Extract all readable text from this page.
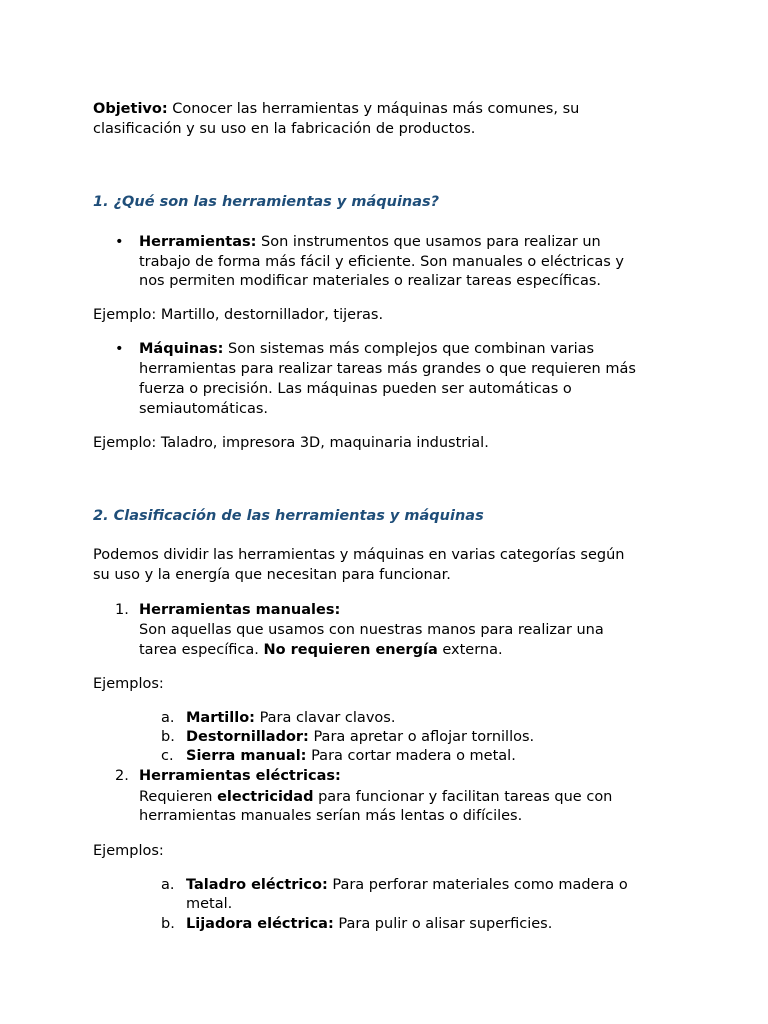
Objetivo: Conocer las herramientas y máquinas más comunes, su

clasificación y su uso en la fabricación de productos.

1. ¿Qué son las herramientas y máquinas?

• Herramientas: Son instrumentos que usamos para realizar un

trabajo de forma más fácil y eficiente. Son manuales o eléctricas y

nos permiten modificar materiales o realizar tareas específicas.

Ejemplo: Martillo, destornillador, tijeras.

• Máquinas: Son sistemas más complejos que combinan varias

herramientas para realizar tareas más grandes o que requieren más

fuerza o precisión. Las máquinas pueden ser automáticas o

semiautomáticas.

Ejemplo: Taladro, impresora 3D, maquinaria industrial.

2. Clasificación de las herramientas y máquinas

Podemos dividir las herramientas y máquinas en varias categorías según

su uso y la energía que necesitan para funcionar.

1. Herramientas manuales:

Son aquellas que usamos con nuestras manos para realizar una

tarea específica. No requieren energía externa.

Ejemplos:

a. Martillo: Para clavar clavos.

b. Destornillador: Para apretar o aflojar tornillos.

c. Sierra manual: Para cortar madera o metal.

2. Herramientas eléctricas:

Requieren electricidad para funcionar y facilitan tareas que con

herramientas manuales serían más lentas o difíciles.

Ejemplos:

a. Taladro eléctrico: Para perforar materiales como madera o

metal.

b. Lijadora eléctrica: Para pulir o alisar superficies.
